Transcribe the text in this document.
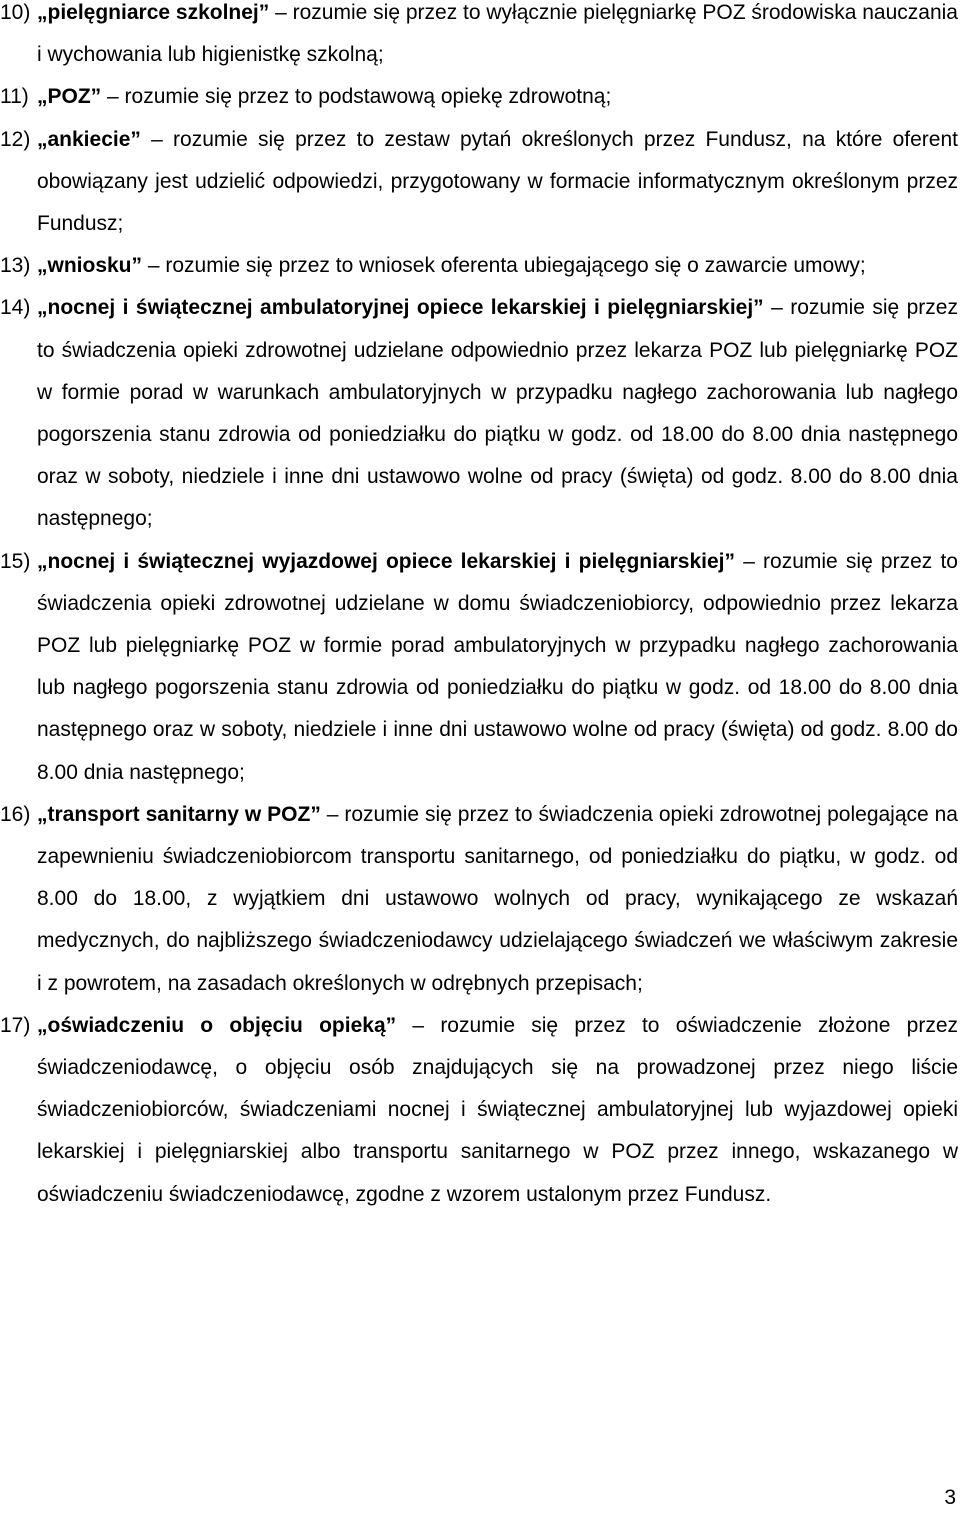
10) „pielęgniarce szkolnej” – rozumie się przez to wyłącznie pielęgniarkę POZ środowiska nauczania i wychowania lub higienistkę szkolną;
11) „POZ” – rozumie się przez to podstawową opiekę zdrowotną;
12) „ankiecie” – rozumie się przez to zestaw pytań określonych przez Fundusz, na które oferent obowiązany jest udzielić odpowiedzi, przygotowany w formacie informatycznym określonym przez Fundusz;
13) „wniosku” – rozumie się przez to wniosek oferenta ubiegającego się o zawarcie umowy;
14) „nocnej i świątecznej ambulatoryjnej opiece lekarskiej i pielęgniarskiej” – rozumie się przez to świadczenia opieki zdrowotnej udzielane odpowiednio przez lekarza POZ lub pielęgniarkę POZ w formie porad w warunkach ambulatoryjnych w przypadku nagłego zachorowania lub nagłego pogorszenia stanu zdrowia od poniedziałku do piątku w godz. od 18.00 do 8.00 dnia następnego oraz w soboty, niedziele i inne dni ustawowo wolne od pracy (święta) od godz. 8.00 do 8.00 dnia następnego;
15) „nocnej i świątecznej wyjazdowej opiece lekarskiej i pielęgniarskiej” – rozumie się przez to świadczenia opieki zdrowotnej udzielane w domu świadczeniobiorcy, odpowiednio przez lekarza POZ lub pielęgniarkę POZ w formie porad ambulatoryjnych w przypadku nagłego zachorowania lub nagłego pogorszenia stanu zdrowia od poniedziałku do piątku w godz. od 18.00 do 8.00 dnia następnego oraz w soboty, niedziele i inne dni ustawowo wolne od pracy (święta) od godz. 8.00 do 8.00 dnia następnego;
16) „transport sanitarny w POZ” – rozumie się przez to świadczenia opieki zdrowotnej polegające na zapewnieniu świadczeniobiorcom transportu sanitarnego, od poniedziałku do piątku, w godz. od 8.00 do 18.00, z wyjątkiem dni ustawowo wolnych od pracy, wynikającego ze wskazań medycznych, do najbliższego świadczeniodawcy udzielającego świadczeń we właściwym zakresie i z powrotem, na zasadach określonych w odrębnych przepisach;
17) „oświadczeniu o objęciu opieką” – rozumie się przez to oświadczenie złożone przez świadczeniodawcę, o objęciu osób znajdujących się na prowadzonej przez niego liście świadczeniobiorców, świadczeniami nocnej i świątecznej ambulatoryjnej lub wyjazdowej opieki lekarskiej i pielęgniarskiej albo transportu sanitarnego w POZ przez innego, wskazanego w oświadczeniu świadczeniodawcę, zgodne z wzorem ustalonym przez Fundusz.
3
